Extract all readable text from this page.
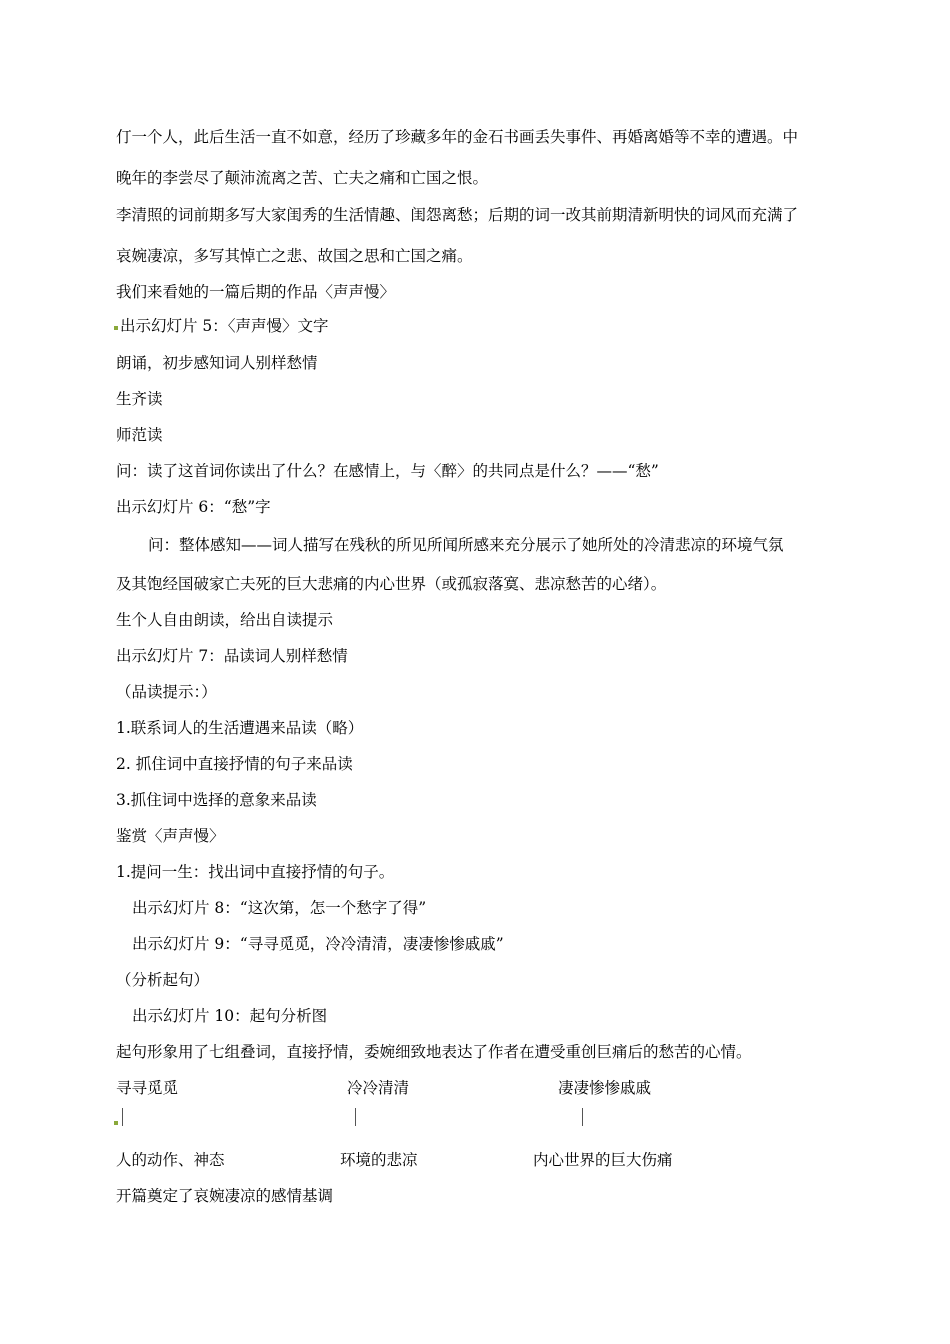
仃一个人，此后生活一直不如意，经历了珍藏多年的金石书画丢失事件、再婚离婚等不幸的遭遇。中
晚年的李尝尽了颠沛流离之苦、亡夫之痛和亡国之恨。
李清照的词前期多写大家闺秀的生活情趣、闺怨离愁；后期的词一改其前期清新明快的词风而充满了
哀婉凄凉，多写其悼亡之悲、故国之思和亡国之痛。
我们来看她的一篇后期的作品〈声声慢〉
出示幻灯片 5：〈声声慢〉文字
朗诵，初步感知词人别样愁情
生齐读
师范读
问：读了这首词你读出了什么？在感情上，与〈醉〉的共同点是什么？——“愁”
出示幻灯片 6：“愁”字
问：整体感知——词人描写在残秋的所见所闻所感来充分展示了她所处的冷清悲凉的环境气氛
及其饱经国破家亡夫死的巨大悲痛的内心世界（或孤寂落寞、悲凉愁苦的心绪）。
生个人自由朗读，给出自读提示
出示幻灯片 7：品读词人别样愁情
（品读提示：）
1.联系词人的生活遭遇来品读（略）
2. 抓住词中直接抒情的句子来品读
3.抓住词中选择的意象来品读
鉴赏〈声声慢〉
1.提问一生：找出词中直接抒情的句子。
出示幻灯片 8：“这次第，怎一个愁字了得”
出示幻灯片 9：“寻寻觅觅，冷冷清清，凄凄惨惨戚戚”
（分析起句）
出示幻灯片 10：起句分析图
起句形象用了七组叠词，直接抒情，委婉细致地表达了作者在遭受重创巨痛后的愁苦的心情。
寻寻觅觅	冷冷清清	凄凄惨惨戚戚
人的动作、神态	环境的悲凉	内心世界的巨大伤痛
开篇奠定了哀婉凄凉的感情基调
